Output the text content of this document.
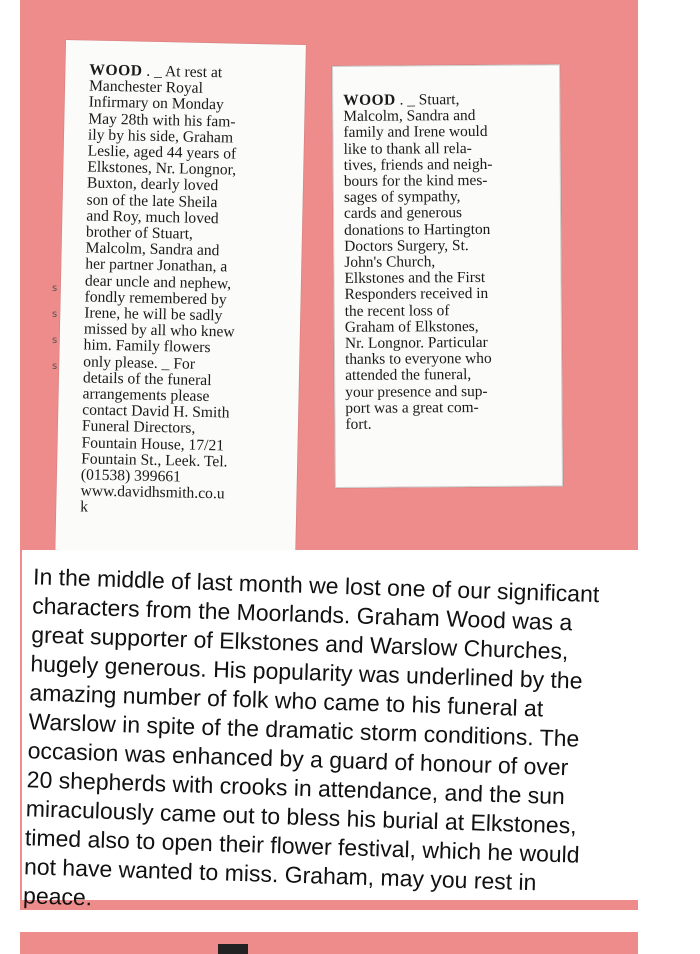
WOOD . _ At rest at
Manchester Royal
Infirmary on Monday
May 28th with his fam-
ily by his side, Graham
Leslie, aged 44 years of
Elkstones, Nr. Longnor,
Buxton, dearly loved
son of the late Sheila
and Roy, much loved
brother of Stuart,
Malcolm, Sandra and
her partner Jonathan, a
dear uncle and nephew,
fondly remembered by
Irene, he will be sadly
missed by all who knew
him. Family flowers
only please. _ For
details of the funeral
arrangements please
contact David H. Smith
Funeral Directors,
Fountain House, 17/21
Fountain St., Leek. Tel.
(01538) 399661
www.davidhsmith.co.u
k

s
s
s
s

WOOD . _ Stuart,
Malcolm, Sandra and
family and Irene would
like to thank all rela-
tives, friends and neigh-
bours for the kind mes-
sages of sympathy,
cards and generous
donations to Hartington
Doctors Surgery, St.
John's Church,
Elkstones and the First
Responders received in
the recent loss of
Graham of Elkstones,
Nr. Longnor. Particular
thanks to everyone who
attended the funeral,
your presence and sup-
port was a great com-
fort.

In the middle of last month we lost one of our significant
characters from the Moorlands. Graham Wood was a
great supporter of Elkstones and Warslow Churches,
hugely generous. His popularity was underlined by the
amazing number of folk who came to his funeral at
Warslow in spite of the dramatic storm conditions. The
occasion was enhanced by a guard of honour of over
20 shepherds with crooks in attendance, and the sun
miraculously came out to bless his burial at Elkstones,
timed also to open their flower festival, which he would
not have wanted to miss. Graham, may you rest in
peace.
